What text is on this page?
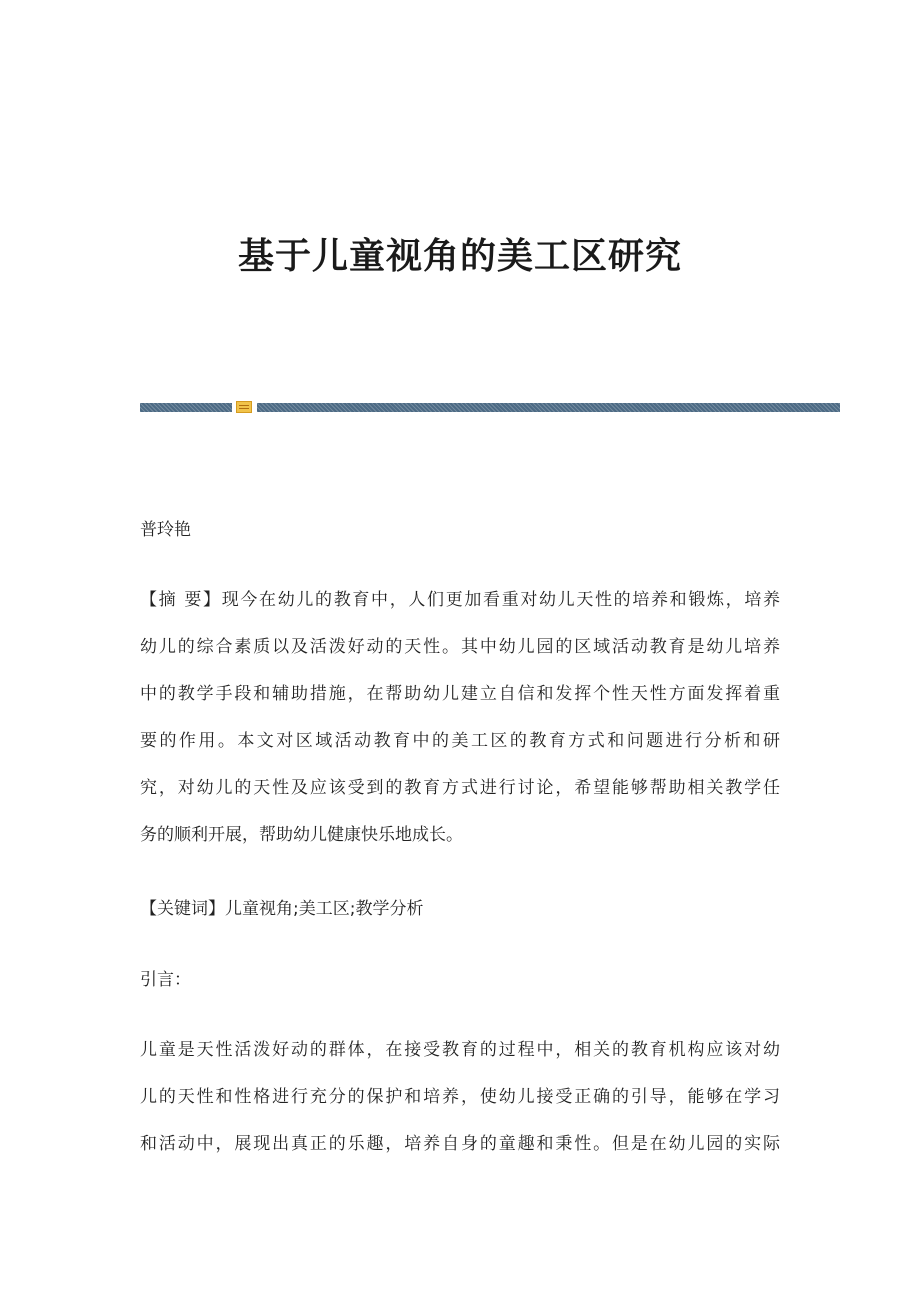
基于儿童视角的美工区研究
普玲艳
【摘 要】现今在幼儿的教育中，人们更加看重对幼儿天性的培养和锻炼，培养
幼儿的综合素质以及活泼好动的天性。其中幼儿园的区域活动教育是幼儿培养
中的教学手段和辅助措施，在帮助幼儿建立自信和发挥个性天性方面发挥着重
要的作用。本文对区域活动教育中的美工区的教育方式和问题进行分析和研
究，对幼儿的天性及应该受到的教育方式进行讨论，希望能够帮助相关教学任
务的顺利开展，帮助幼儿健康快乐地成长。
【关键词】儿童视角;美工区;教学分析
引言：
儿童是天性活泼好动的群体，在接受教育的过程中，相关的教育机构应该对幼
儿的天性和性格进行充分的保护和培养，使幼儿接受正确的引导，能够在学习
和活动中，展现出真正的乐趣，培养自身的童趣和秉性。但是在幼儿园的实际
